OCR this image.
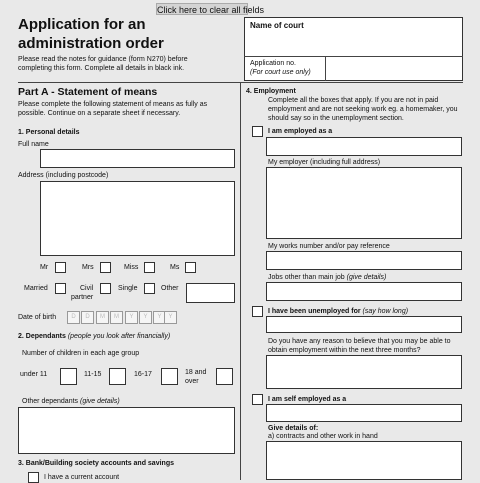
Click here to clear all fields
Application for an
administration order
Please read the notes for guidance (form N270) before
completing this form. Complete all details in black ink.
Name of court
Application no.
(For court use only)
Part A - Statement of means
Please complete the following statement of means as fully as
possible. Continue on a separate sheet if necessary.
1. Personal details
Full name
Address (including postcode)
Mr	Mrs	Miss	Ms
Married	Civil
partner
Single	Other
Date of birth	D	D	M	M	Y	Y	Y	Y
2. Dependants (people you look after financially)
Number of children in each age group
under 11	11-15	16-17	18 and
over
Other dependants (give details)
3. Bank/Building society accounts and savings
I have a current account
4. Employment
Complete all the boxes that apply. If you are not in paid
employment and are not seeking work eg. a homemaker, you
should say so in the unemployment section.
I am employed as a
My employer (including full address)
My works number and/or pay reference
Jobs other than main job (give details)
I have been unemployed for (say how long)
Do you have any reason to believe that you may be able to
obtain employment within the next three months?
I am self employed as a
Give details of:
a) contracts and other work in hand
